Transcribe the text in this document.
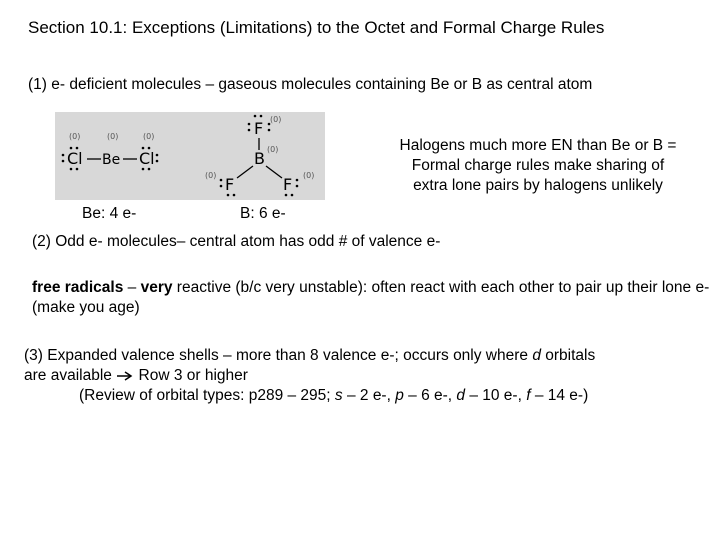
Section 10.1: Exceptions (Limitations) to the Octet and Formal Charge Rules
(1) e- deficient molecules – gaseous molecules containing Be or B as central atom
(0)	(0)	(0)
Cl Be Cl
(0)
(0)
(0)	(0)
F
B
F	F
Halogens much more EN than Be or B =
Formal charge rules make sharing of
extra lone pairs by halogens unlikely
Be: 4 e-	B: 6 e-
(2) Odd e- molecules– central atom has odd # of valence e-
free radicals – very reactive (b/c very unstable): often react with each other to pair up their lone e- (make you age)
(3) Expanded valence shells – more than 8 valence e-; occurs only where d orbitals
are available  Row 3 or higher
(Review of orbital types: p289 – 295; s – 2 e-, p – 6 e-, d – 10 e-, f – 14 e-)
